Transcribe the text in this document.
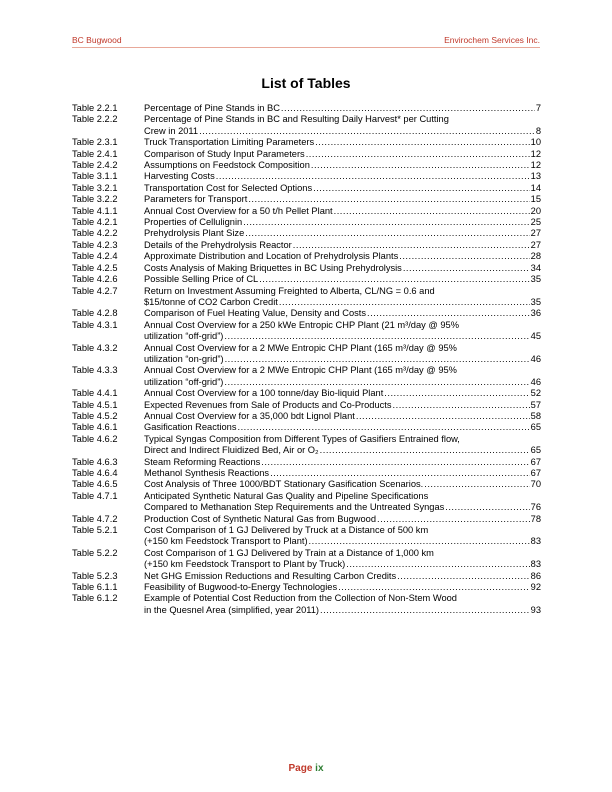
BC Bugwood	Envirochem Services Inc.
List of Tables
Table 2.2.1	Percentage of Pine Stands in BC .....	7
Table 2.2.2	Percentage of Pine Stands in BC and Resulting Daily Harvest* per Cutting
Crew in 2011 .....	8
Table 2.3.1	Truck Transportation Limiting Parameters .....	10
Table 2.4.1	Comparison of Study Input Parameters .....	12
Table 2.4.2	Assumptions on Feedstock Composition .....	12
Table 3.1.1	Harvesting Costs .....	13
Table 3.2.1	Transportation Cost for Selected Options .....	14
Table 3.2.2	Parameters for Transport .....	15
Table 4.1.1	Annual Cost Overview for a 50 t/h Pellet Plant .....	20
Table 4.2.1	Properties of Cellulignin .....	25
Table 4.2.2	Prehydrolysis Plant Size .....	27
Table 4.2.3	Details of the Prehydrolysis Reactor .....	27
Table 4.2.4	Approximate Distribution and Location of Prehydrolysis Plants .....	28
Table 4.2.5	Costs Analysis of Making Briquettes in BC Using Prehydrolysis .....	34
Table 4.2.6	Possible Selling Price of CL .....	35
Table 4.2.7	Return on Investment Assuming Freighted to Alberta, CL/NG = 0.6 and
$15/tonne of CO2 Carbon Credit .....	35
Table 4.2.8	Comparison of Fuel Heating Value, Density and Costs .....	36
Table 4.3.1	Annual Cost Overview for a 250 kWe Entropic CHP Plant (21 m³/day @ 95%
utilization “off-grid”) .....	45
Table 4.3.2	Annual Cost Overview for a 2 MWe Entropic CHP Plant (165 m³/day @ 95%
utilization “on-grid”) .....	46
Table 4.3.3	Annual Cost Overview for a 2 MWe Entropic CHP Plant (165 m³/day @ 95%
utilization “off-grid”) .....	46
Table 4.4.1	Annual Cost Overview for a 100 tonne/day Bio-liquid Plant .....	52
Table 4.5.1	Expected Revenues from Sale of Products and Co-Products .....	57
Table 4.5.2	Annual Cost Overview for a 35,000 bdt Lignol Plant .....	58
Table 4.6.1	Gasification Reactions .....	65
Table 4.6.2	Typical Syngas Composition from Different Types of Gasifiers Entrained flow,
Direct and Indirect Fluidized Bed, Air or O₂ .....	65
Table 4.6.3	Steam Reforming Reactions .....	67
Table 4.6.4	Methanol Synthesis Reactions .....	67
Table 4.6.5	Cost Analysis of Three 1000/BDT Stationary Gasification Scenarios. .....	70
Table 4.7.1	Anticipated Synthetic Natural Gas Quality and Pipeline Specifications
Compared to Methanation Step Requirements and the Untreated Syngas .....	76
Table 4.7.2	Production Cost of Synthetic Natural Gas from Bugwood .....	78
Table 5.2.1	Cost Comparison of 1 GJ Delivered by Truck at a Distance of 500 km
(+150 km Feedstock Transport to Plant) .....	83
Table 5.2.2	Cost Comparison of 1 GJ Delivered by Train at a Distance of 1,000 km
(+150 km Feedstock Transport to Plant by Truck) .....	83
Table 5.2.3	Net GHG Emission Reductions and Resulting Carbon Credits .....	86
Table 6.1.1	Feasibility of Bugwood-to-Energy Technologies .....	92
Table 6.1.2	Example of Potential Cost Reduction from the Collection of Non-Stem Wood
in the Quesnel Area (simplified, year 2011) .....	93
Page ix
